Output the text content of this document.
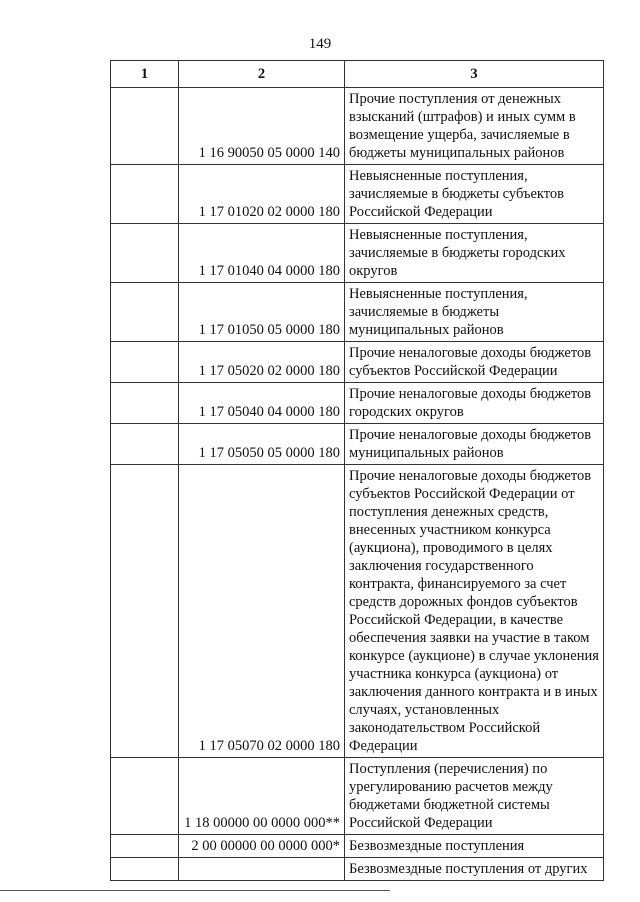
149
1	2	3
	1 16 90050 05 0000 140	Прочие поступления от денежных взысканий (штрафов) и иных сумм в возмещение ущерба, зачисляемые в бюджеты муниципальных районов
	1 17 01020 02 0000 180	Невыясненные поступления, зачисляемые в бюджеты субъектов Российской Федерации
	1 17 01040 04 0000 180	Невыясненные поступления, зачисляемые в бюджеты городских округов
	1 17 01050 05 0000 180	Невыясненные поступления, зачисляемые в бюджеты муниципальных районов
	1 17 05020 02 0000 180	Прочие неналоговые доходы бюджетов субъектов Российской Федерации
	1 17 05040 04 0000 180	Прочие неналоговые доходы бюджетов городских округов
	1 17 05050 05 0000 180	Прочие неналоговые доходы бюджетов муниципальных районов
	1 17 05070 02 0000 180	Прочие неналоговые доходы бюджетов субъектов Российской Федерации от поступления денежных средств, внесенных участником конкурса (аукциона), проводимого в целях заключения государственного контракта, финансируемого за счет средств дорожных фондов субъектов Российской Федерации, в качестве обеспечения заявки на участие в таком конкурсе (аукционе) в случае уклонения участника конкурса (аукциона) от заключения данного контракта и в иных случаях, установленных законодательством Российской Федерации
	1 18 00000 00 0000 000**	Поступления (перечисления) по урегулированию расчетов между бюджетами бюджетной системы Российской Федерации
	2 00 00000 00 0000 000*	Безвозмездные поступления
		Безвозмездные поступления от других
